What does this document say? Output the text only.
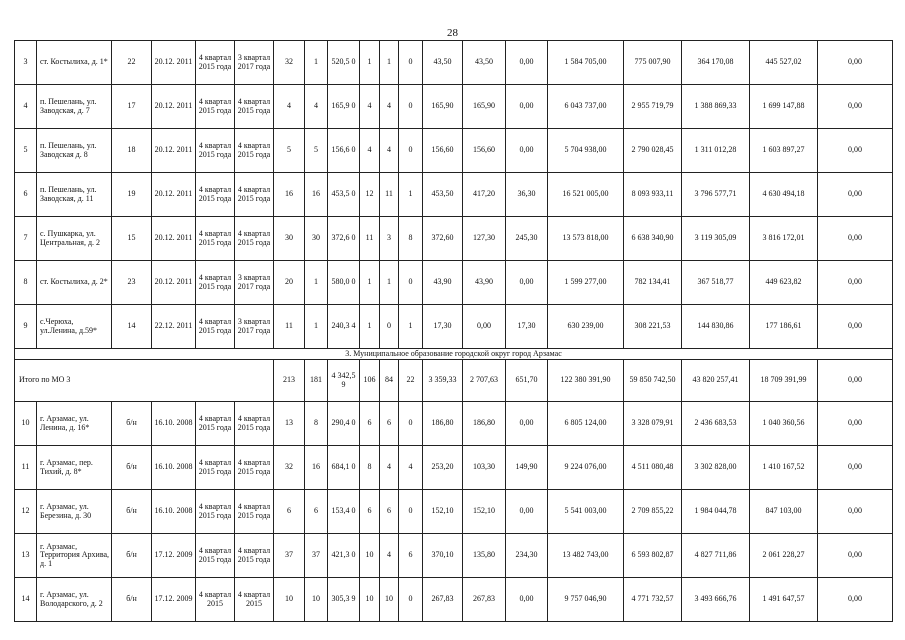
28
3	ст. Костылиха, д. 1*	22	20.12. 2011	4 квартал 2015 года	3 квартал 2017 года	32	1	520,5 0	1	1	0	43,50	43,50	0,00	1 584 705,00	775 007,90	364 170,08	445 527,02	0,00
4	п. Пешелань, ул. Заводская, д. 7	17	20.12. 2011	4 квартал 2015 года	4 квартал 2015 года	4	4	165,9 0	4	4	0	165,90	165,90	0,00	6 043 737,00	2 955 719,79	1 388 869,33	1 699 147,88	0,00
5	п. Пешелань, ул. Заводская д. 8	18	20.12. 2011	4 квартал 2015 года	4 квартал 2015 года	5	5	156,6 0	4	4	0	156,60	156,60	0,00	5 704 938,00	2 790 028,45	1 311 012,28	1 603 897,27	0,00
6	п. Пешелань, ул. Заводская, д. 11	19	20.12. 2011	4 квартал 2015 года	4 квартал 2015 года	16	16	453,5 0	12	11	1	453,50	417,20	36,30	16 521 005,00	8 093 933,11	3 796 577,71	4 630 494,18	0,00
7	с. Пушкарка, ул. Центральная, д. 2	15	20.12. 2011	4 квартал 2015 года	4 квартал 2015 года	30	30	372,6 0	11	3	8	372,60	127,30	245,30	13 573 818,00	6 638 340,90	3 119 305,09	3 816 172,01	0,00
8	ст. Костылиха, д. 2*	23	20.12. 2011	4 квартал 2015 года	3 квартал 2017 года	20	1	580,0 0	1	1	0	43,90	43,90	0,00	1 599 277,00	782 134,41	367 518,77	449 623,82	0,00
9	с.Черюха, ул.Ленина, д.59*	14	22.12. 2011	4 квартал 2015 года	3 квартал 2017 года	11	1	240,3 4	1	0	1	17,30	0,00	17,30	630 239,00	308 221,53	144 830,86	177 186,61	0,00
3. Муниципальное образование городской округ город Арзамас																			
Итого по МО 3						213	181	4 342,5 9	106	84	22	3 359,33	2 707,63	651,70	122 380 391,90	59 850 742,50	43 820 257,41	18 709 391,99	0,00
10	г. Арзамас, ул. Ленина, д. 16*	б/н	16.10. 2008	4 квартал 2015 года	4 квартал 2015 года	13	8	290,4 0	6	6	0	186,80	186,80	0,00	6 805 124,00	3 328 079,91	2 436 683,53	1 040 360,56	0,00
11	г. Арзамас, пер. Тихий, д. 8*	б/н	16.10. 2008	4 квартал 2015 года	4 квартал 2015 года	32	16	684,1 0	8	4	4	253,20	103,30	149,90	9 224 076,00	4 511 080,48	3 302 828,00	1 410 167,52	0,00
12	г. Арзамас, ул. Березина, д. 30	б/н	16.10. 2008	4 квартал 2015 года	4 квартал 2015 года	6	6	153,4 0	6	6	0	152,10	152,10	0,00	5 541 003,00	2 709 855,22	1 984 044,78	847 103,00	0,00
13	г. Арзамас, Территория Архива, д. 1	б/н	17.12. 2009	4 квартал 2015 года	4 квартал 2015 года	37	37	421,3 0	10	4	6	370,10	135,80	234,30	13 482 743,00	6 593 802,87	4 827 711,86	2 061 228,27	0,00
14	г. Арзамас, ул. Володарского, д. 2	б/н	17.12. 2009	4 квартал 2015	4 квартал 2015	10	10	305,3 9	10	10	0	267,83	267,83	0,00	9 757 046,90	4 771 732,57	3 493 666,76	1 491 647,57	0,00
